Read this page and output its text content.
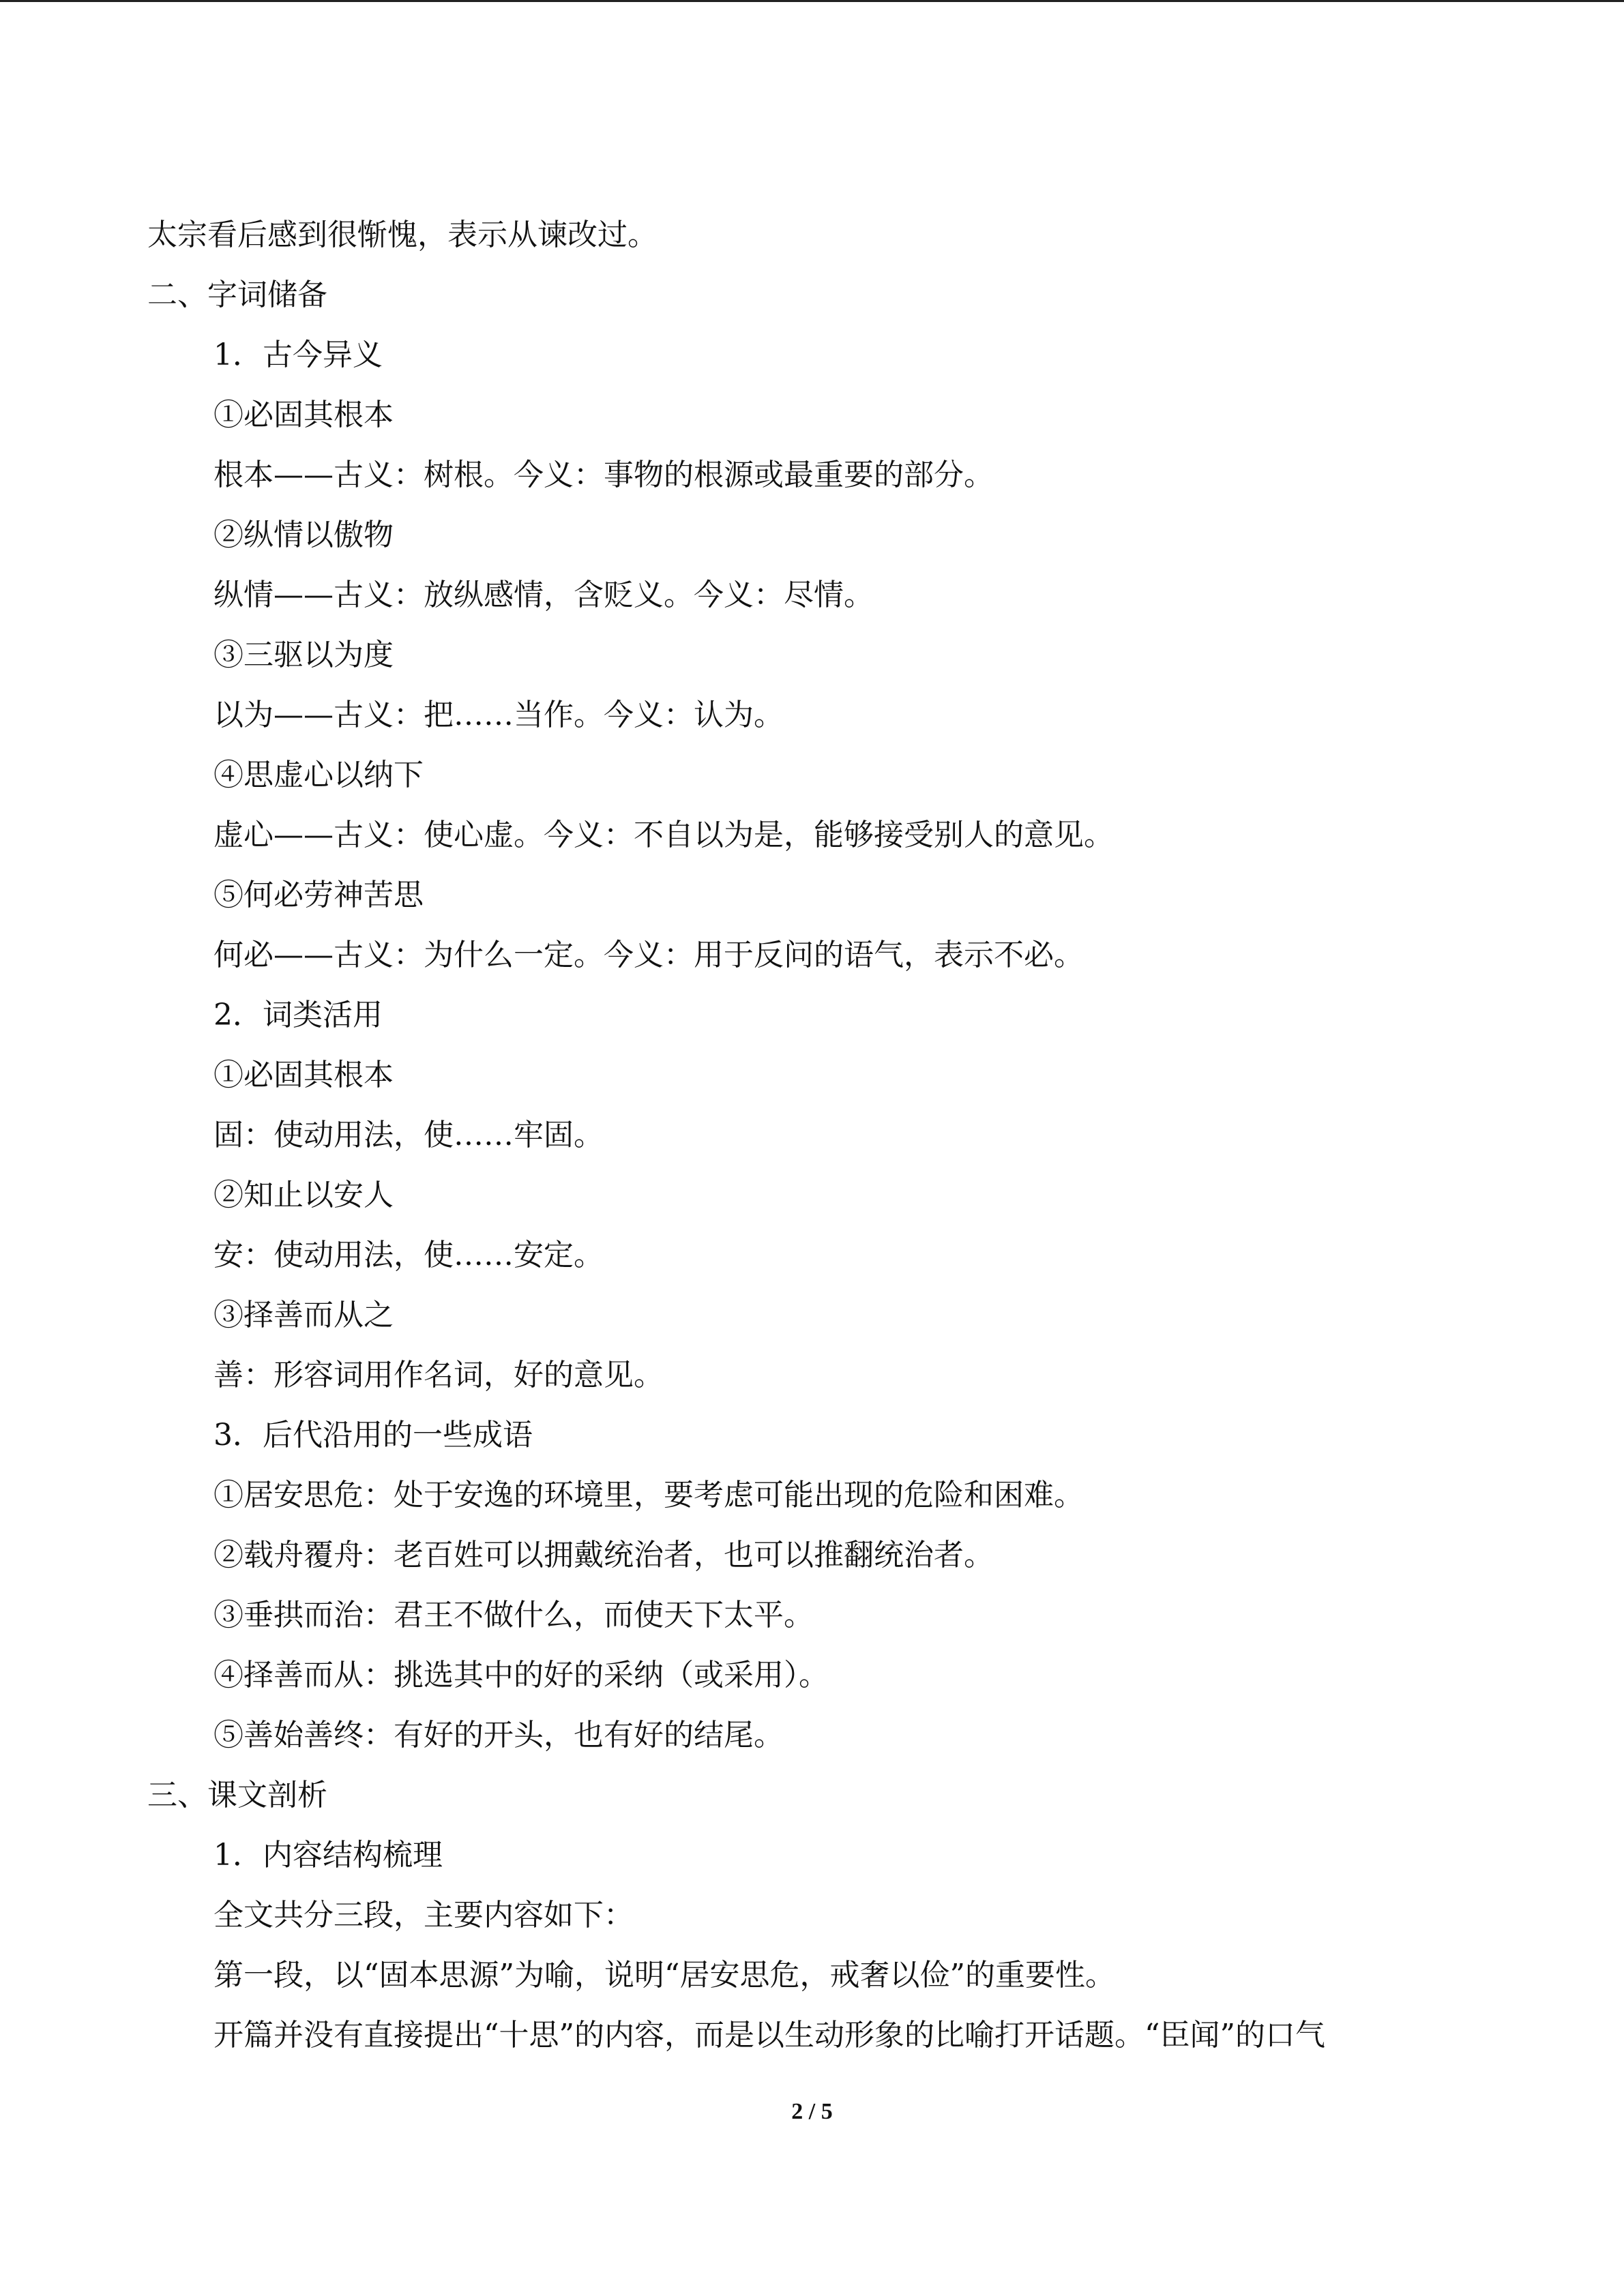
太宗看后感到很惭愧，表示从谏改过。
二、字词储备
1．古今异义
①必固其根本
根本——古义：树根。今义：事物的根源或最重要的部分。
②纵情以傲物
纵情——古义：放纵感情，含贬义。今义：尽情。
③三驱以为度
以为——古义：把……当作。今义：认为。
④思虚心以纳下
虚心——古义：使心虚。今义：不自以为是，能够接受别人的意见。
⑤何必劳神苦思
何必——古义：为什么一定。今义：用于反问的语气，表示不必。
2．词类活用
①必固其根本
固：使动用法，使……牢固。
②知止以安人
安：使动用法，使……安定。
③择善而从之
善：形容词用作名词，好的意见。
3．后代沿用的一些成语
①居安思危：处于安逸的环境里，要考虑可能出现的危险和困难。
②载舟覆舟：老百姓可以拥戴统治者，也可以推翻统治者。
③垂拱而治：君王不做什么，而使天下太平。
④择善而从：挑选其中的好的采纳（或采用）。
⑤善始善终：有好的开头，也有好的结尾。
三、课文剖析
1．内容结构梳理
全文共分三段，主要内容如下：
第一段，以“固本思源”为喻，说明“居安思危，戒奢以俭”的重要性。
开篇并没有直接提出“十思”的内容，而是以生动形象的比喻打开话题。“臣闻”的口气
2 / 5
